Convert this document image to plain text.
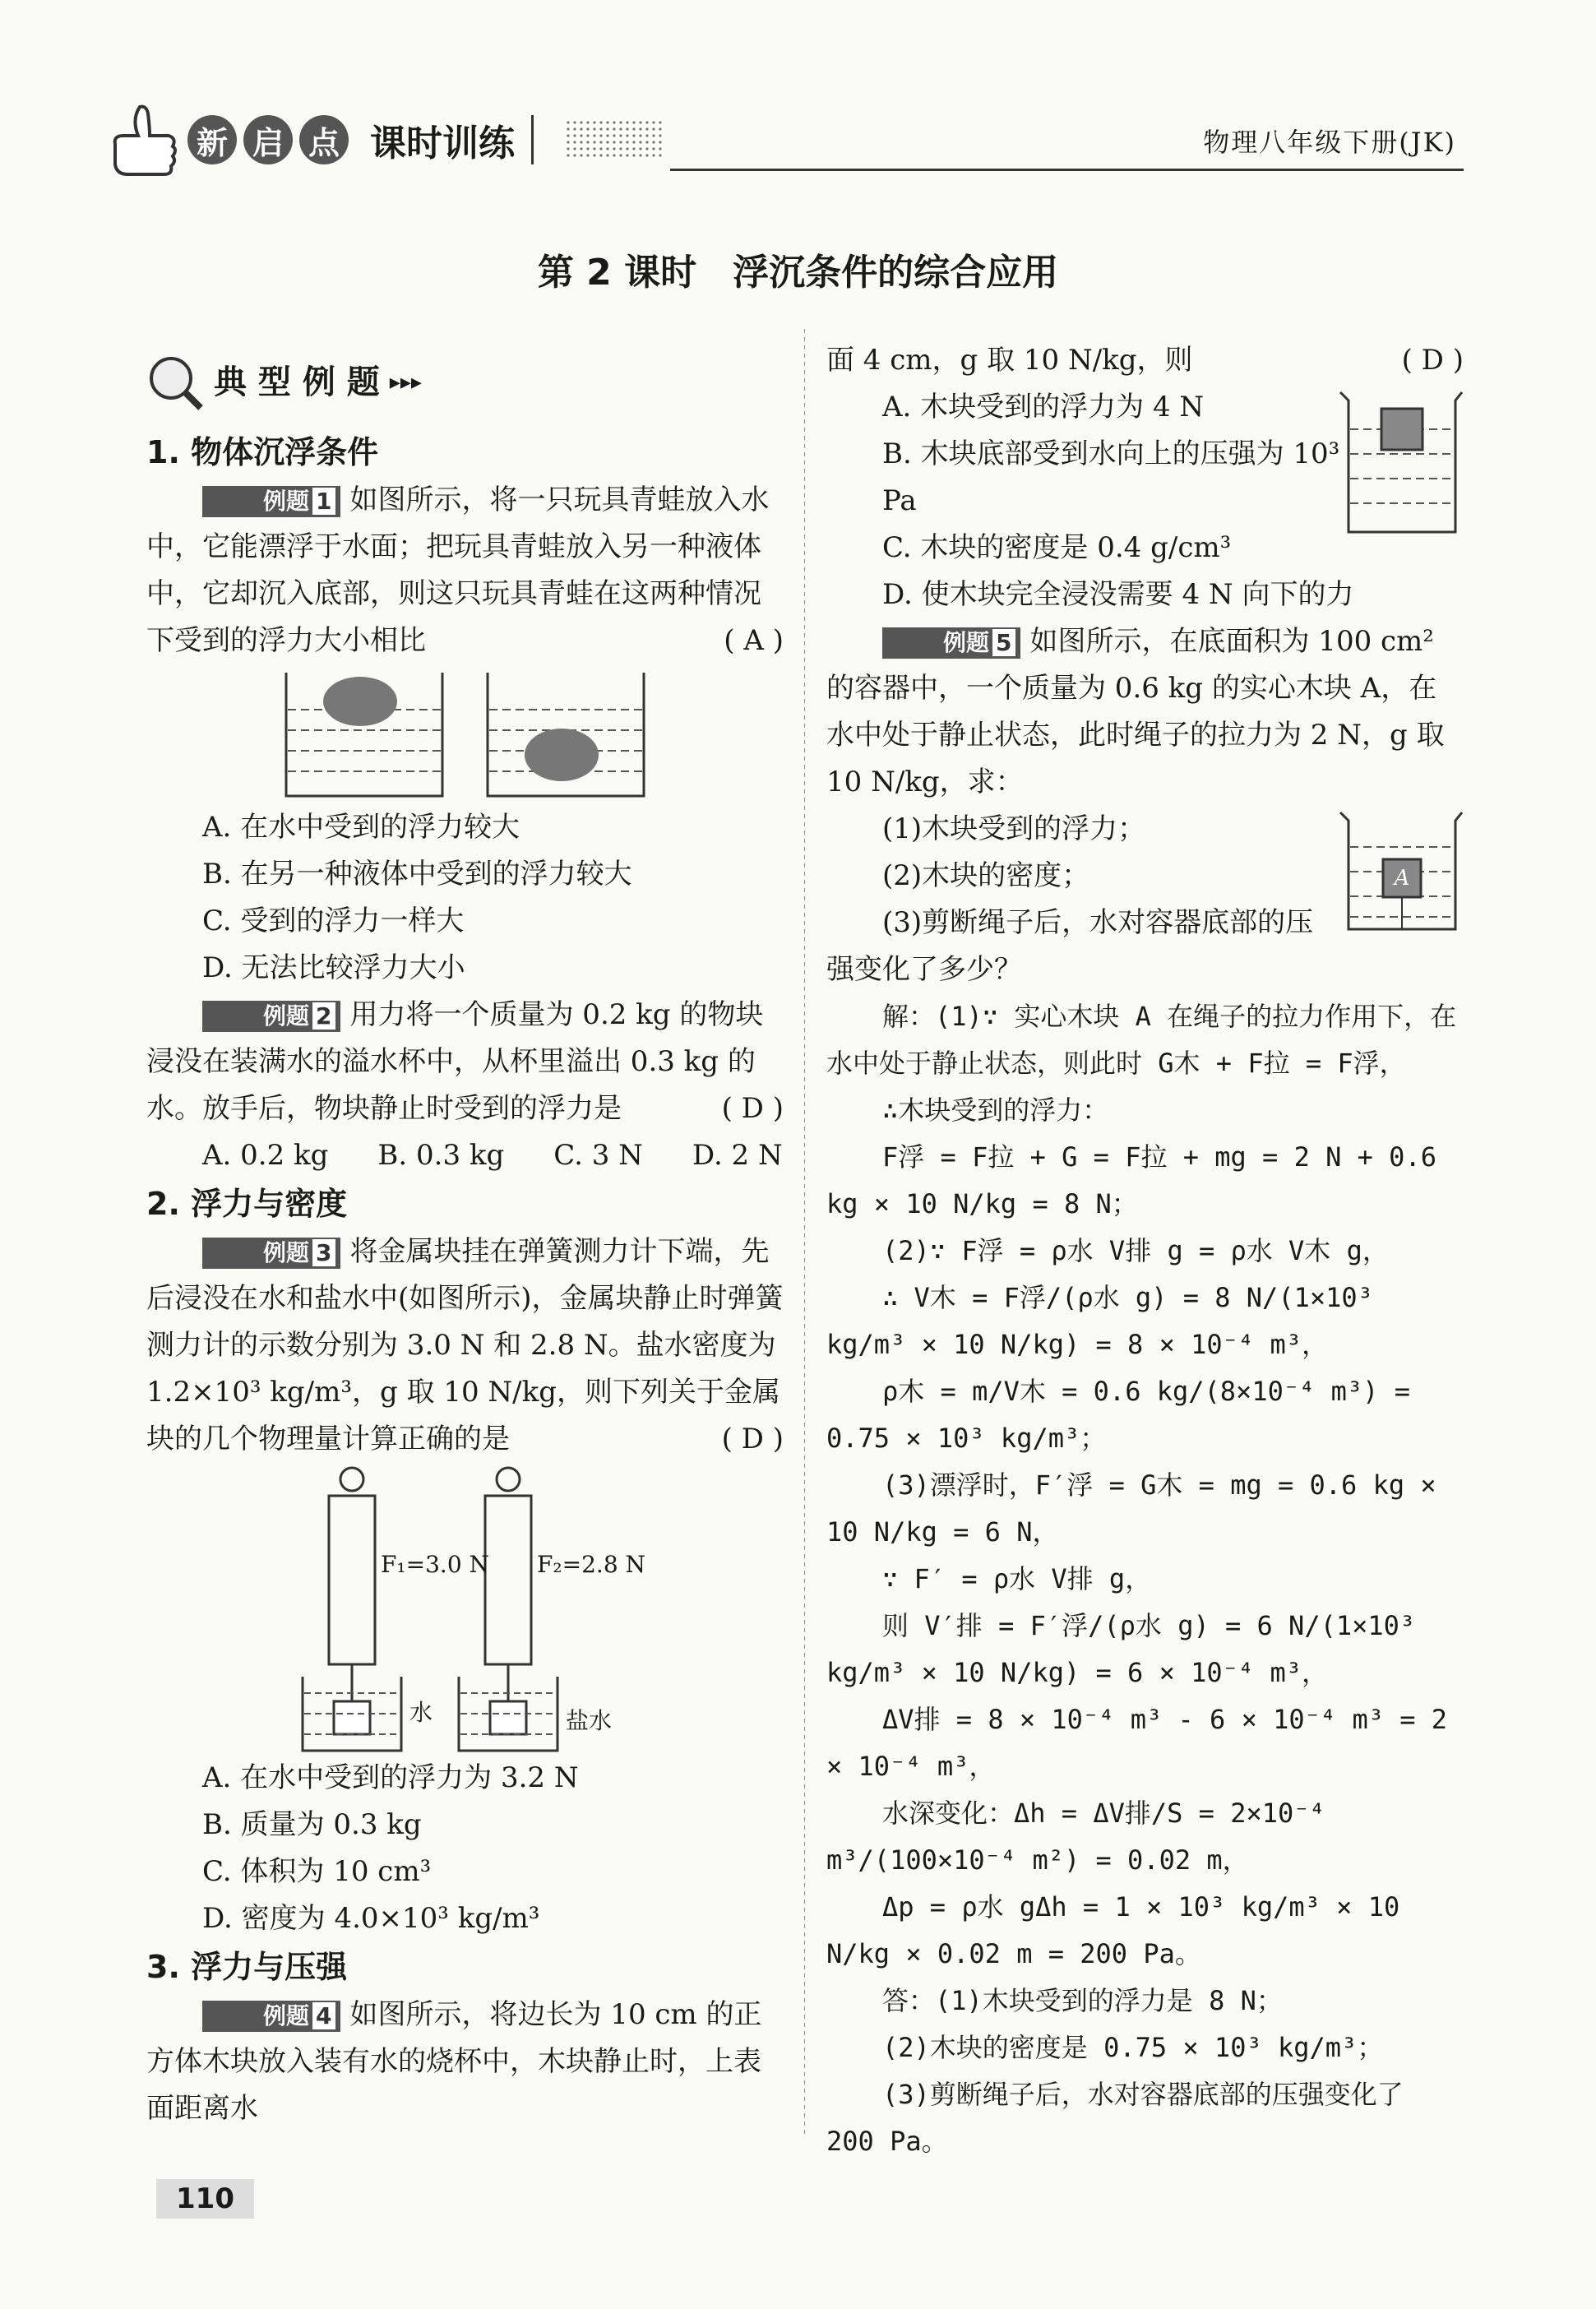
新 启 点 课时训练	物理八年级下册(JK)
第 2 课时　浮沉条件的综合应用
典 型 例 题 ▸▸▸
1. 物体沉浮条件
例题 1 如图所示，将一只玩具青蛙放入水中，它能漂浮于水面；把玩具青蛙放入另一种液体中，它却沉入底部，则这只玩具青蛙在这两种情况下受到的浮力大小相比	( A )
A. 在水中受到的浮力较大
B. 在另一种液体中受到的浮力较大
C. 受到的浮力一样大
D. 无法比较浮力大小
例题 2 用力将一个质量为 0.2 kg 的物块浸没在装满水的溢水杯中，从杯里溢出 0.3 kg 的水。放手后，物块静止时受到的浮力是	( D )
A. 0.2 kg B. 0.3 kg C. 3 N D. 2 N
2. 浮力与密度
例题 3 将金属块挂在弹簧测力计下端，先后浸没在水和盐水中(如图所示)，金属块静止时弹簧测力计的示数分别为 3.0 N 和 2.8 N。盐水密度为 1.2×10³ kg/m³，g 取 10 N/kg，则下列关于金属块的几个物理量计算正确的是	( D )
F₁=3.0 N F₂=2.8 N
水	盐水
A. 在水中受到的浮力为 3.2 N
B. 质量为 0.3 kg
C. 体积为 10 cm³
D. 密度为 4.0×10³ kg/m³
3. 浮力与压强
例题 4 如图所示，将边长为 10 cm 的正方体木块放入装有水的烧杯中，木块静止时，上表面距离水
面 4 cm，g 取 10 N/kg，则	( D )
A. 木块受到的浮力为 4 N
B. 木块底部受到水向上的压强为 10³ Pa
C. 木块的密度是 0.4 g/cm³
D. 使木块完全浸没需要 4 N 向下的力
例题 5 如图所示，在底面积为 100 cm² 的容器中，一个质量为 0.6 kg 的实心木块 A，在水中处于静止状态，此时绳子的拉力为 2 N，g 取 10 N/kg，求：
A
(1)木块受到的浮力；
(2)木块的密度；
(3)剪断绳子后，水对容器底部的压强变化了多少？
解：(1)∵ 实心木块 A 在绳子的拉力作用下，在水中处于静止状态，则此时 G木 + F拉 = F浮，
∴木块受到的浮力：
F浮 = F拉 + G = F拉 + mg = 2 N + 0.6 kg × 10 N/kg = 8 N；
(2)∵ F浮 = ρ水 V排 g = ρ水 V木 g，
∴ V木 = F浮/(ρ水 g) = 8 N/(1×10³ kg/m³ × 10 N/kg) = 8 × 10⁻⁴ m³，
ρ木 = m/V木 = 0.6 kg/(8×10⁻⁴ m³) = 0.75 × 10³ kg/m³；
(3)漂浮时，F′浮 = G木 = mg = 0.6 kg × 10 N/kg = 6 N，
∵ F′ = ρ水 V排 g，
则 V′排 = F′浮/(ρ水 g) = 6 N/(1×10³ kg/m³ × 10 N/kg) = 6 × 10⁻⁴ m³，
ΔV排 = 8 × 10⁻⁴ m³ - 6 × 10⁻⁴ m³ = 2 × 10⁻⁴ m³，
水深变化：Δh = ΔV排/S = 2×10⁻⁴ m³/(100×10⁻⁴ m²) = 0.02 m，
Δp = ρ水 gΔh = 1 × 10³ kg/m³ × 10 N/kg × 0.02 m = 200 Pa。
答：(1)木块受到的浮力是 8 N；
(2)木块的密度是 0.75 × 10³ kg/m³；
(3)剪断绳子后，水对容器底部的压强变化了 200 Pa。
110
